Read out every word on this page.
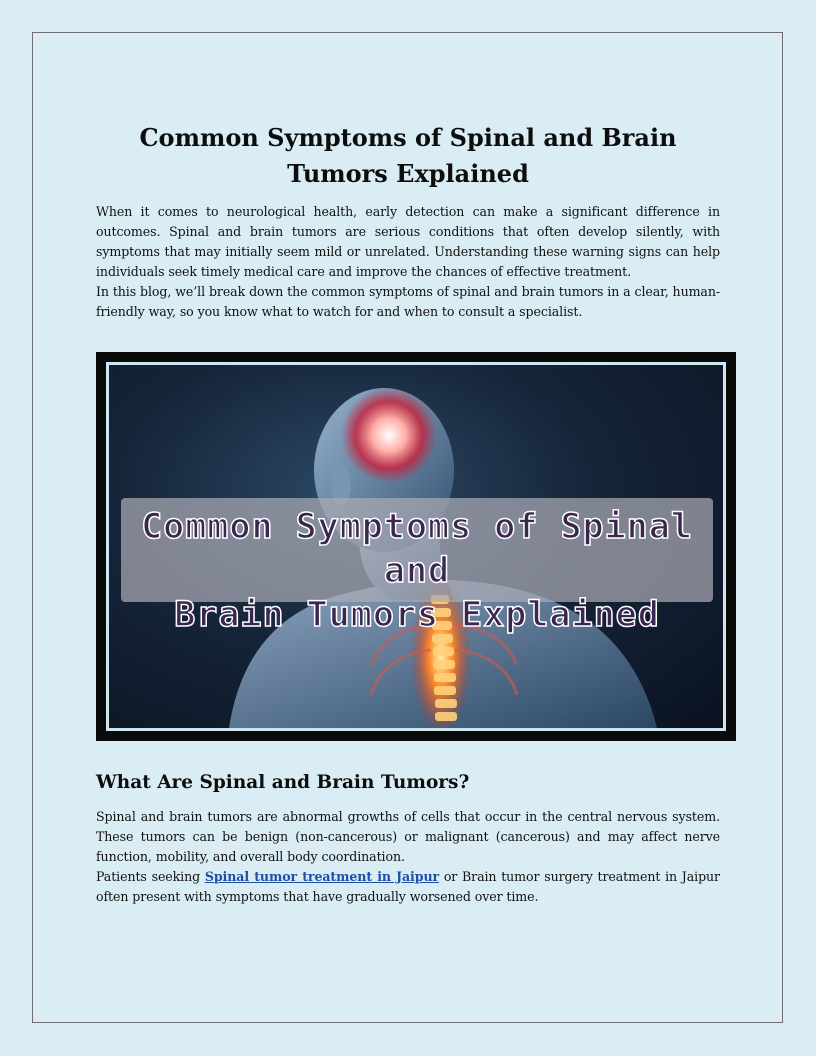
Common Symptoms of Spinal and Brain Tumors Explained

When it comes to neurological health, early detection can make a significant difference in outcomes. Spinal and brain tumors are serious conditions that often develop silently, with symptoms that may initially seem mild or unrelated. Understanding these warning signs can help individuals seek timely medical care and improve the chances of effective treatment.

In this blog, we’ll break down the common symptoms of spinal and brain tumors in a clear, human-friendly way, so you know what to watch for and when to consult a specialist.

Common Symptoms of Spinal and
Brain Tumors Explained
What Are Spinal and Brain Tumors?

Spinal and brain tumors are abnormal growths of cells that occur in the central nervous system. These tumors can be benign (non-cancerous) or malignant (cancerous) and may affect nerve function, mobility, and overall body coordination.

Patients seeking Spinal tumor treatment in Jaipur or Brain tumor surgery treatment in Jaipur often present with symptoms that have gradually worsened over time.
